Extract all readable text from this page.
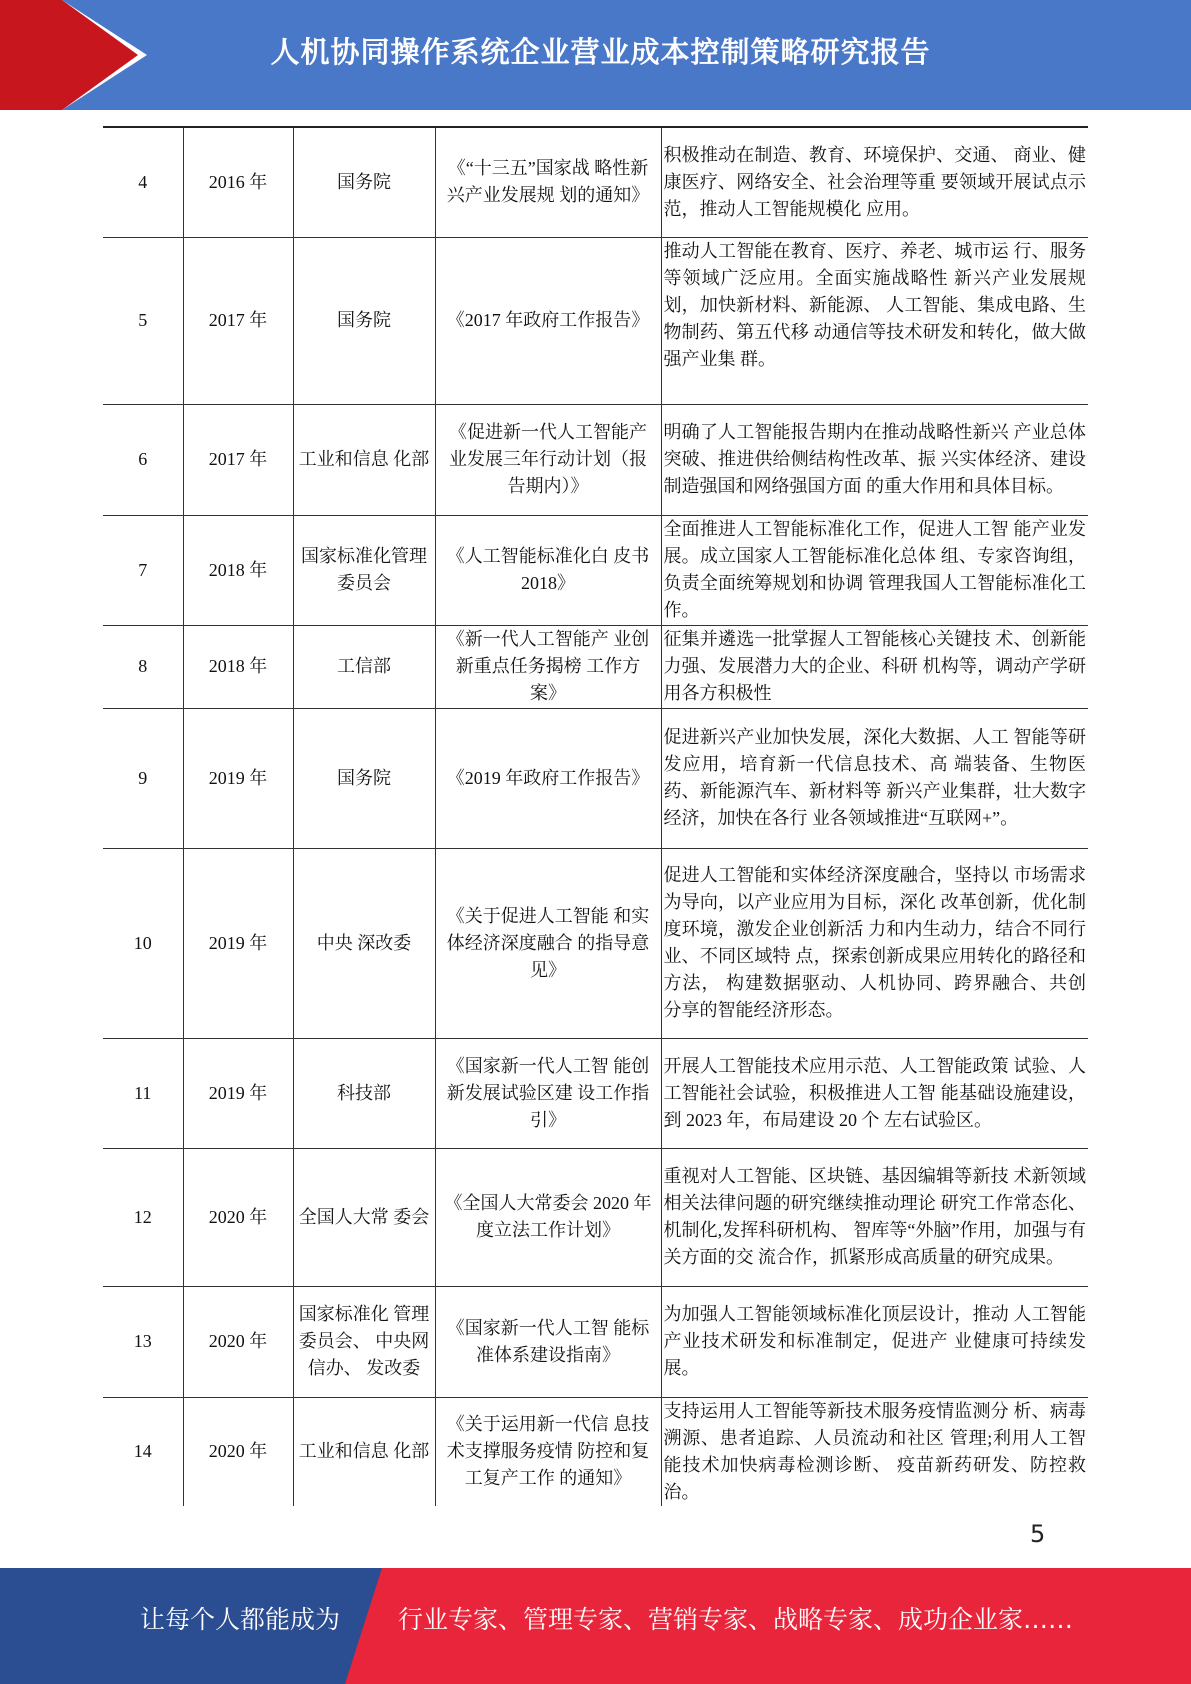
人机协同操作系统企业营业成本控制策略研究报告
4	2016 年	国务院	《“十三五”国家战 略性新兴产业发展规 划的通知》	积极推动在制造、教育、环境保护、交通、 商业、健康医疗、网络安全、社会治理等重 要领域开展试点示范，推动人工智能规模化 应用。
5	2017 年	国务院	《2017 年政府工作报告》	推动人工智能在教育、医疗、养老、城市运 行、服务等领域广泛应用。全面实施战略性 新兴产业发展规划，加快新材料、新能源、 人工智能、集成电路、生物制药、第五代移 动通信等技术研发和转化，做大做强产业集 群。
6	2017 年	工业和信息 化部	《促进新一代人工智能产业发展三年行动计划（报告期内）》	明确了人工智能报告期内在推动战略性新兴 产业总体突破、推进供给侧结构性改革、振 兴实体经济、建设制造强国和网络强国方面 的重大作用和具体目标。
7	2018 年	国家标准化管理委员会	《人工智能标准化白 皮书 2018》	全面推进人工智能标准化工作，促进人工智 能产业发展。成立国家人工智能标准化总体 组、专家咨询组，负责全面统筹规划和协调 管理我国人工智能标准化工作。
8	2018 年	工信部	《新一代人工智能产 业创新重点任务揭榜 工作方案》	征集并遴选一批掌握人工智能核心关键技 术、创新能力强、发展潜力大的企业、科研 机构等，调动产学研用各方积极性
9	2019 年	国务院	《2019 年政府工作报告》	促进新兴产业加快发展，深化大数据、人工 智能等研发应用，培育新一代信息技术、高 端装备、生物医药、新能源汽车、新材料等 新兴产业集群，壮大数字经济，加快在各行 业各领域推进“互联网+”。
10	2019 年	中央 深改委	《关于促进人工智能 和实体经济深度融合 的指导意见》	促进人工智能和实体经济深度融合，坚持以 市场需求为导向，以产业应用为目标，深化 改革创新，优化制度环境，激发企业创新活 力和内生动力，结合不同行业、不同区域特 点，探索创新成果应用转化的路径和方法， 构建数据驱动、人机协同、跨界融合、共创 分享的智能经济形态。
11	2019 年	科技部	《国家新一代人工智 能创新发展试验区建 设工作指引》	开展人工智能技术应用示范、人工智能政策 试验、人工智能社会试验，积极推进人工智 能基础设施建设，到 2023 年，布局建设 20 个 左右试验区。
12	2020 年	全国人大常 委会	《全国人大常委会 2020 年度立法工作计划》	重视对人工智能、区块链、基因编辑等新技 术新领域相关法律问题的研究继续推动理论 研究工作常态化、机制化,发挥科研机构、 智库等“外脑”作用，加强与有关方面的交 流合作，抓紧形成高质量的研究成果。
13	2020 年	国家标准化 管理委员会、 中央网信办、 发改委	《国家新一代人工智 能标准体系建设指南》	为加强人工智能领域标准化顶层设计，推动 人工智能产业技术研发和标准制定，促进产 业健康可持续发展。
14	2020 年	工业和信息 化部	《关于运用新一代信 息技术支撑服务疫情 防控和复工复产工作 的通知》	支持运用人工智能等新技术服务疫情监测分 析、病毒溯源、患者追踪、人员流动和社区 管理;利用人工智能技术加快病毒检测诊断、 疫苗新药研发、防控救治。
5
让每个人都能成为 行业专家、管理专家、营销专家、战略专家、成功企业家……
